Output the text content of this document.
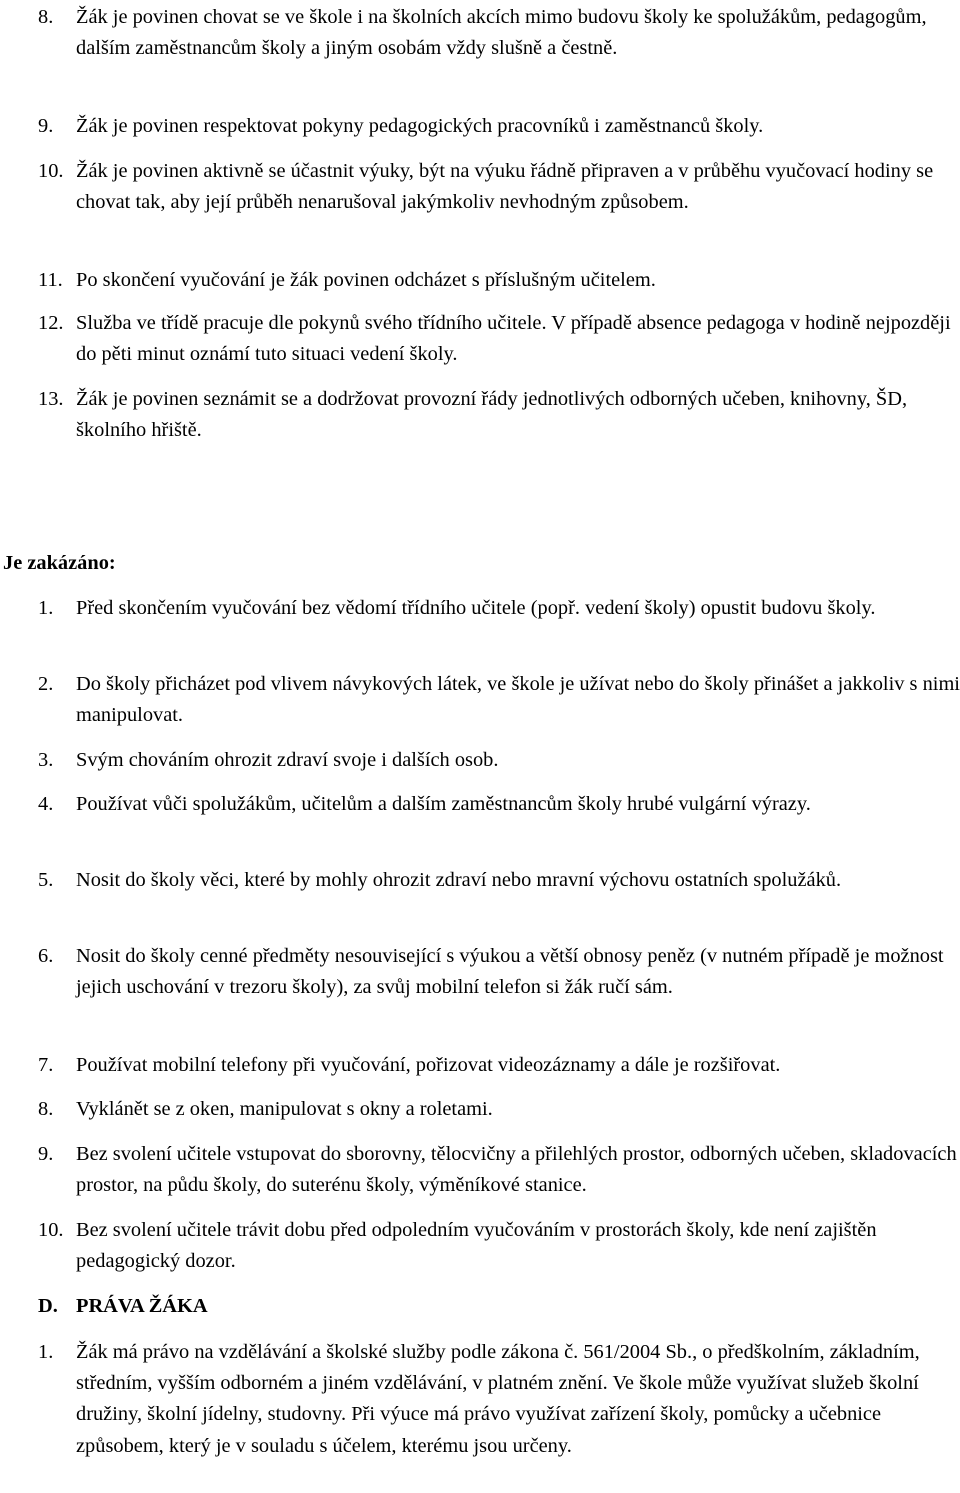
8. Žák je povinen chovat se ve škole i na školních akcích mimo budovu školy ke spolužákům, pedagogům, dalším zaměstnancům školy a jiným osobám vždy slušně a čestně.
9. Žák je povinen respektovat pokyny pedagogických pracovníků i zaměstnanců školy.
10. Žák je povinen aktivně se účastnit výuky, být na výuku řádně připraven a v průběhu vyučovací hodiny se chovat tak, aby její průběh nenarušoval jakýmkoliv nevhodným způsobem.
11. Po skončení vyučování je žák povinen odcházet s příslušným učitelem.
12. Služba ve třídě pracuje dle pokynů svého třídního učitele. V případě absence pedagoga v hodině nejpozději do pěti minut oznámí tuto situaci vedení školy.
13. Žák je povinen seznámit se a dodržovat provozní řády jednotlivých odborných učeben, knihovny, ŠD, školního hřiště.
Je zakázáno:
1. Před skončením vyučování bez vědomí třídního učitele (popř. vedení školy) opustit budovu školy.
2. Do školy přicházet pod vlivem návykových látek, ve škole je užívat nebo do školy přinášet a jakkoliv s nimi manipulovat.
3. Svým chováním ohrozit zdraví svoje i dalších osob.
4. Používat vůči spolužákům, učitelům a dalším zaměstnancům školy hrubé vulgární výrazy.
5. Nosit do školy věci, které by mohly ohrozit zdraví nebo mravní výchovu ostatních spolužáků.
6. Nosit do školy cenné předměty nesouvisející s výukou a větší obnosy peněz (v nutném případě je možnost jejich uschování v trezoru školy), za svůj mobilní telefon si žák ručí sám.
7. Používat mobilní telefony při vyučování, pořizovat videozáznamy a dále je rozšiřovat.
8. Vyklánět se z oken, manipulovat s okny a roletami.
9. Bez svolení učitele vstupovat do sborovny, tělocvičny a přilehlých prostor, odborných učeben, skladovacích prostor, na půdu školy, do suterénu školy, výměníkové stanice.
10. Bez svolení učitele trávit dobu před odpoledním vyučováním v prostorách školy, kde není zajištěn pedagogický dozor.
D. PRÁVA ŽÁKA
1. Žák má právo na vzdělávání a školské služby podle zákona č. 561/2004 Sb., o předškolním, základním, středním, vyšším odborném a jiném vzdělávání, v platném znění. Ve škole může využívat služeb školní družiny, školní jídelny, studovny. Při výuce má právo využívat zařízení školy, pomůcky a učebnice způsobem, který je v souladu s účelem, kterému jsou určeny.
